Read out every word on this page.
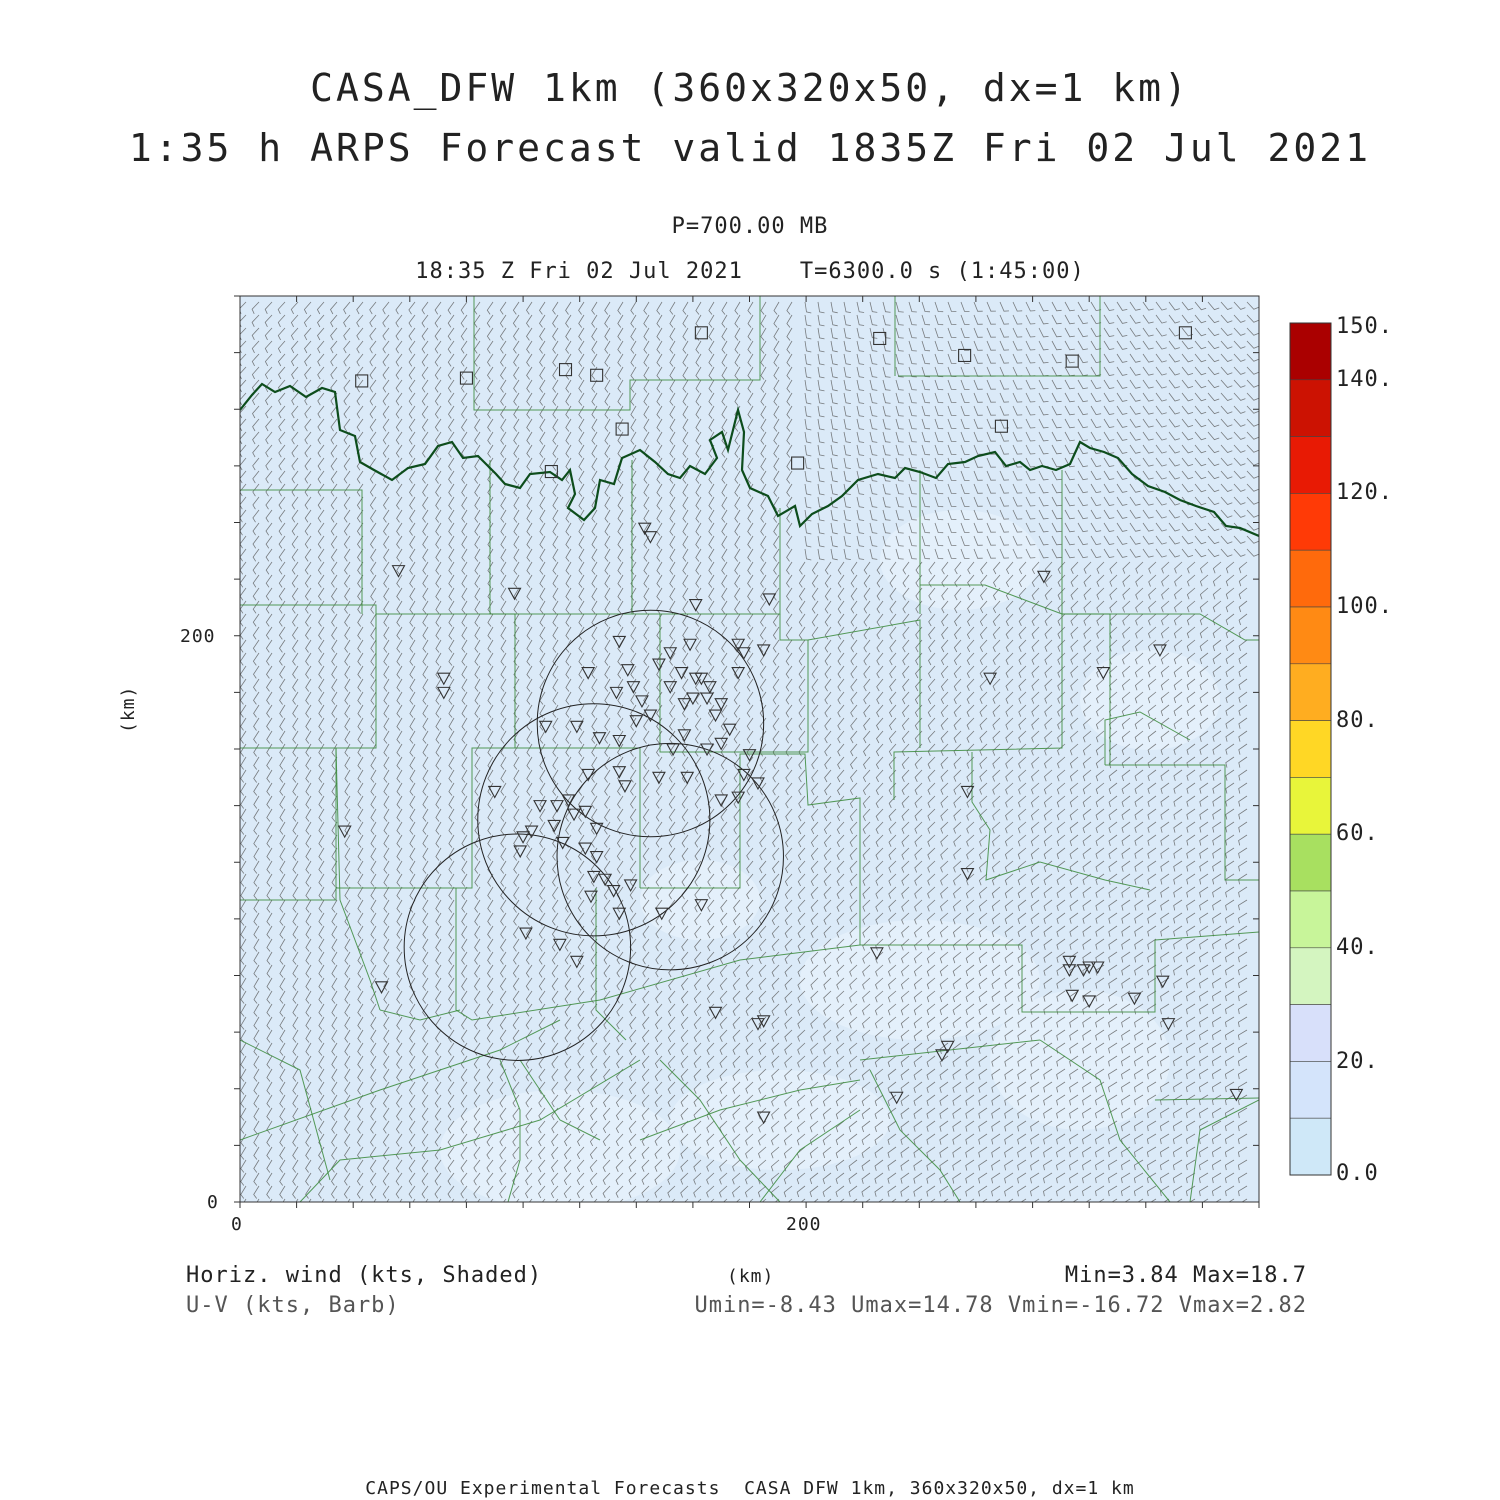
CASA_DFW 1km (360x320x50, dx=1 km)
1:35 h ARPS Forecast valid 1835Z Fri 02 Jul 2021
P=700.00 MB
18:35 Z Fri 02 Jul 2021    T=6300.0 s (1:45:00)
(km)
200
0
0	200
(km)
150.
140.
120.
100.
80.
60.
40.
20.
0.0
Horiz. wind (kts, Shaded)
U-V (kts, Barb)
Min=3.84 Max=18.7
Umin=-8.43 Umax=14.78 Vmin=-16.72 Vmax=2.82
CAPS/OU Experimental Forecasts  CASA DFW 1km, 360x320x50, dx=1 km
